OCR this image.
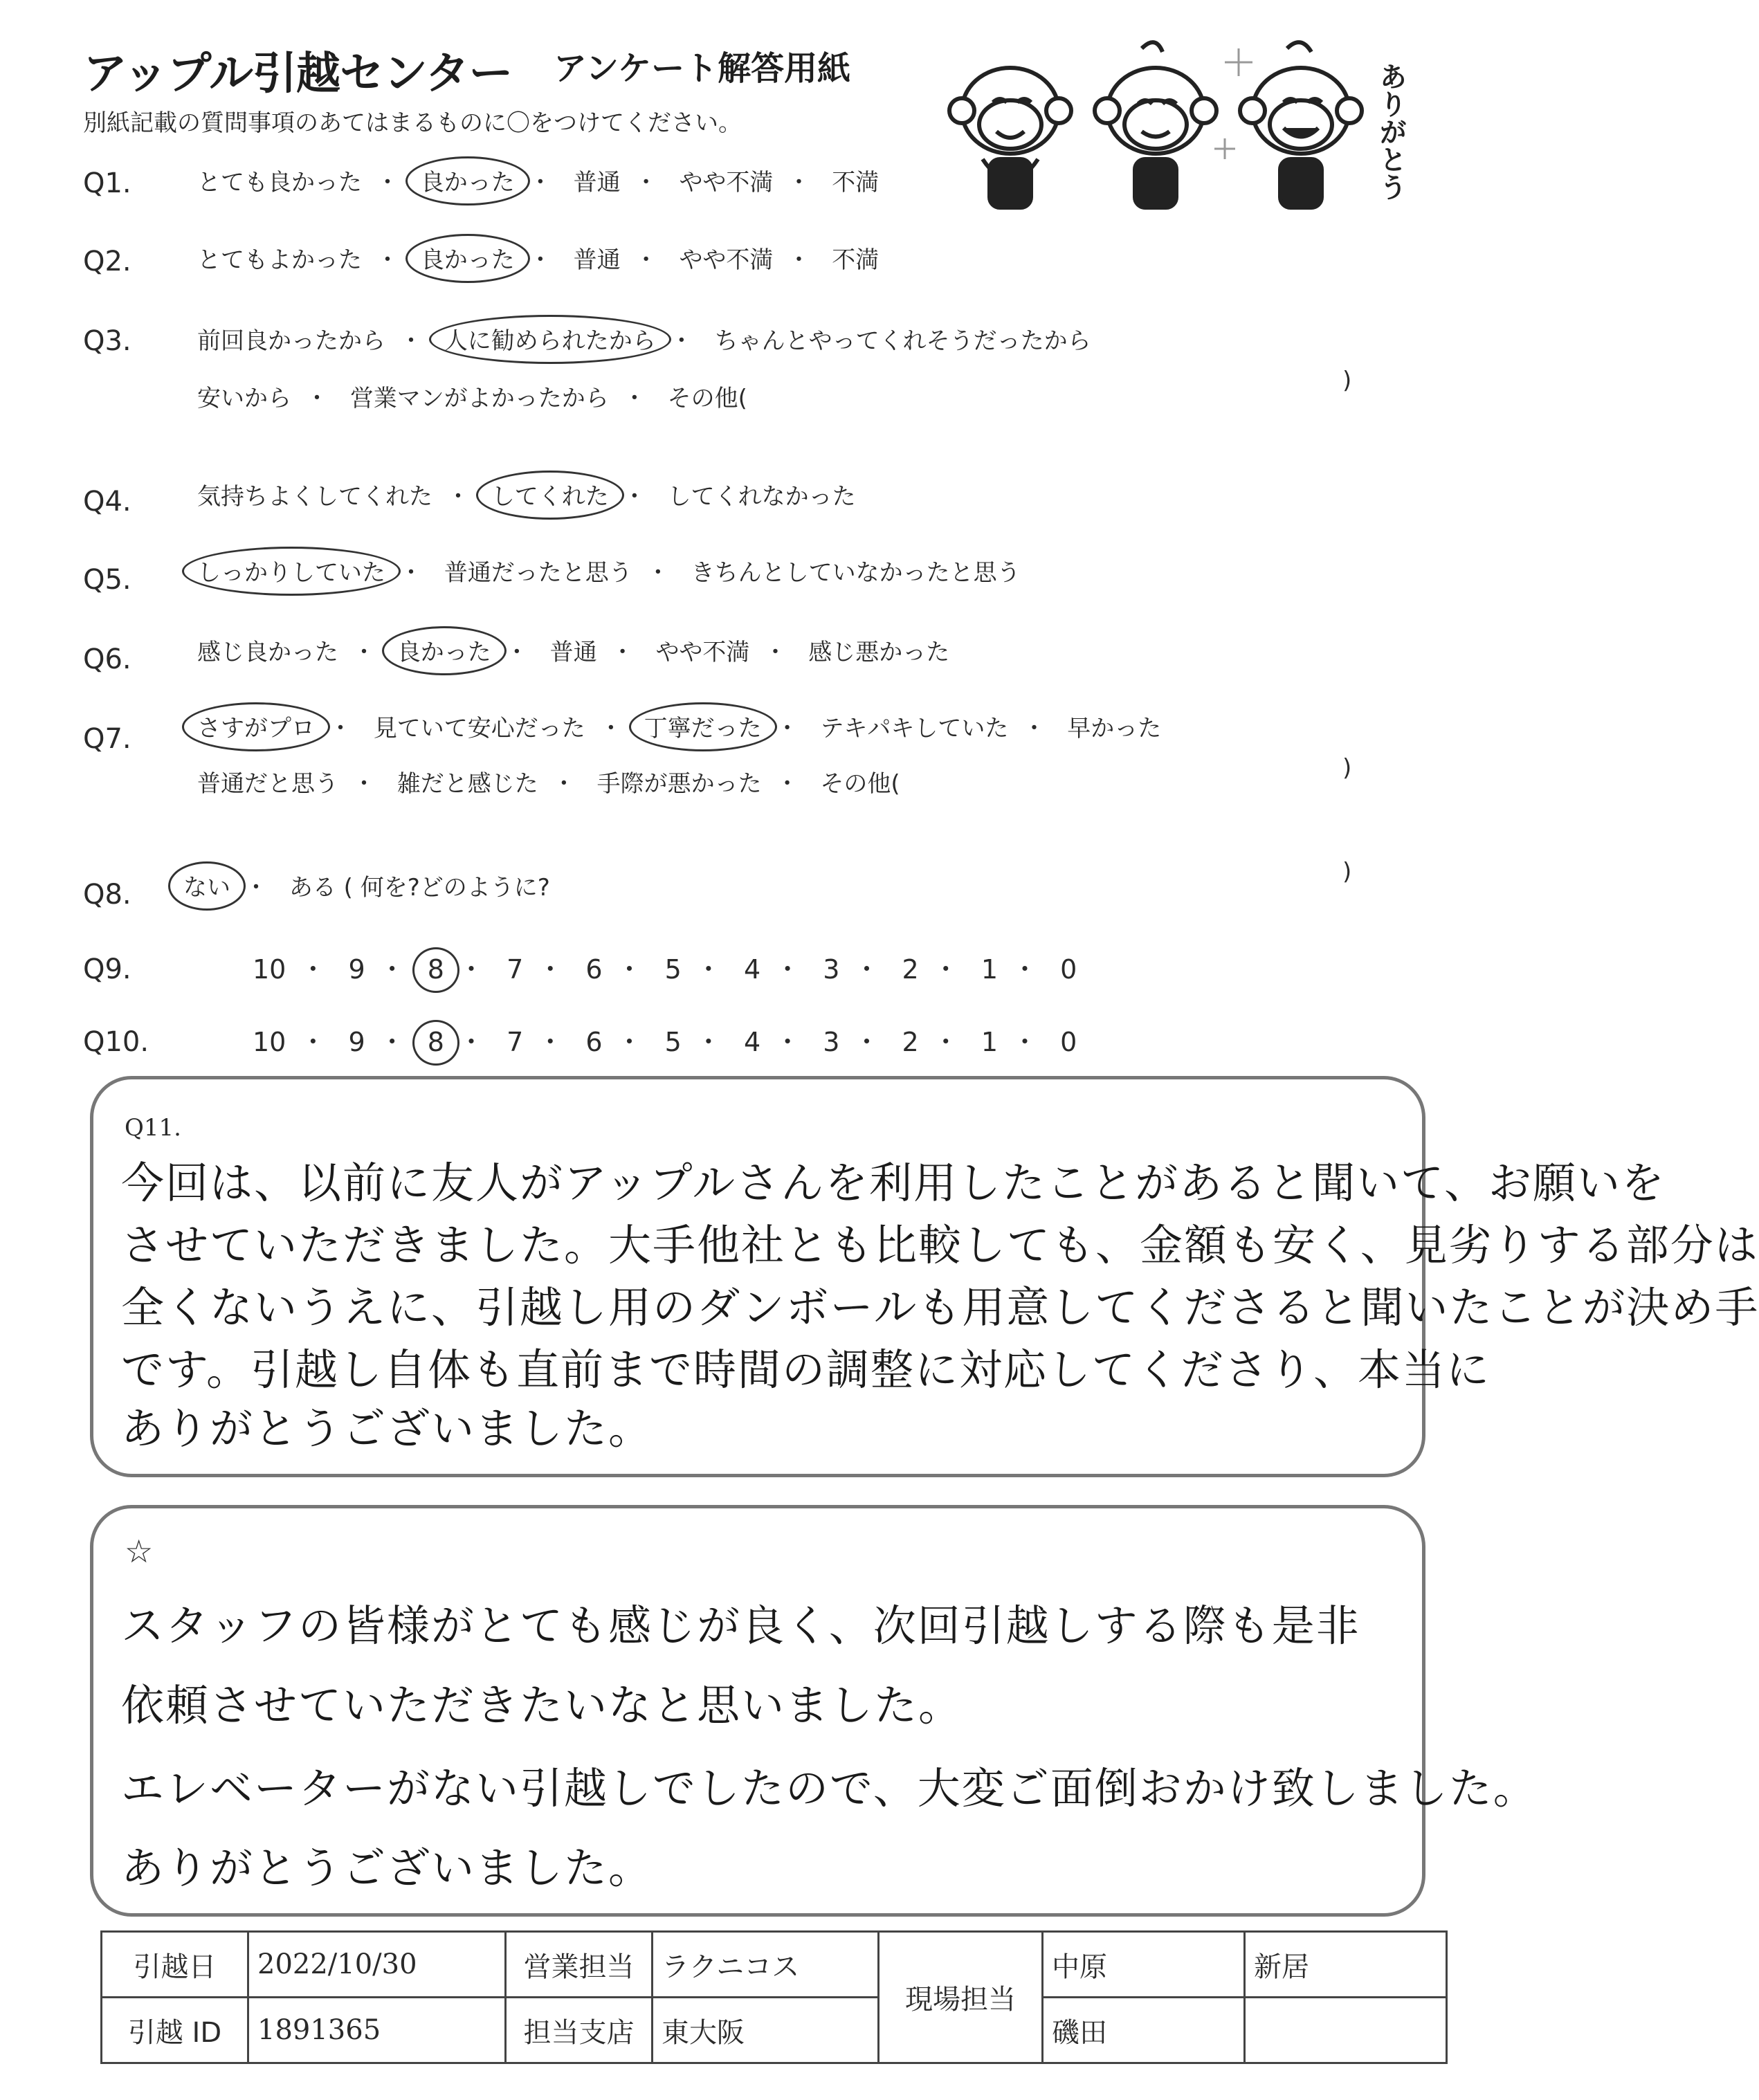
アップル引越センター アンケート解答用紙
別紙記載の質問事項のあてはまるものに〇をつけてください。	ありがとう
Q1.	とても良かった ・ 良かった ・ 普通 ・ やや不満 ・ 不満
Q2.	とてもよかった ・ 良かった ・ 普通 ・ やや不満 ・ 不満
Q3.	前回良かったから ・ 人に勧められたから ・ ちゃんとやってくれそうだったから
安いから ・ 営業マンがよかったから ・ その他(
)
Q4.	気持ちよくしてくれた ・ してくれた ・ してくれなかった
Q5.	しっかりしていた ・ 普通だったと思う ・ きちんとしていなかったと思う
Q6.	感じ良かった ・ 良かった ・ 普通 ・ やや不満 ・ 感じ悪かった
Q7.	さすがプロ ・ 見ていて安心だった ・ 丁寧だった ・ テキパキしていた ・ 早かった
普通だと思う ・ 雑だと感じた ・ 手際が悪かった ・ その他(
)
Q8. ない ・ ある ( 何を?どのように?
)
Q9.	10 ・ 9 ・ 8 ・ 7 ・ 6 ・ 5 ・ 4 ・ 3 ・ 2 ・ 1 ・ 0
Q10.	10 ・ 9 ・ 8 ・ 7 ・ 6 ・ 5 ・ 4 ・ 3 ・ 2 ・ 1 ・ 0
Q11.
今回は、以前に友人がアップルさんを利用したことがあると聞いて、お願いを
させていただきました。大手他社とも比較しても、金額も安く、見劣りする部分は
全くないうえに、引越し用のダンボールも用意してくださると聞いたことが決め手
です。引越し自体も直前まで時間の調整に対応してくださり、本当に
ありがとうございました。
☆
スタッフの皆様がとても感じが良く、次回引越しする際も是非
依頼させていただきたいなと思いました。
エレベーターがない引越しでしたので、大変ご面倒おかけ致しました。
ありがとうございました。
引越日	2022/10/30	営業担当	ラクニコス	現場担当	中原	新居
引越 ID	1891365	担当支店	東大阪		磯田	
